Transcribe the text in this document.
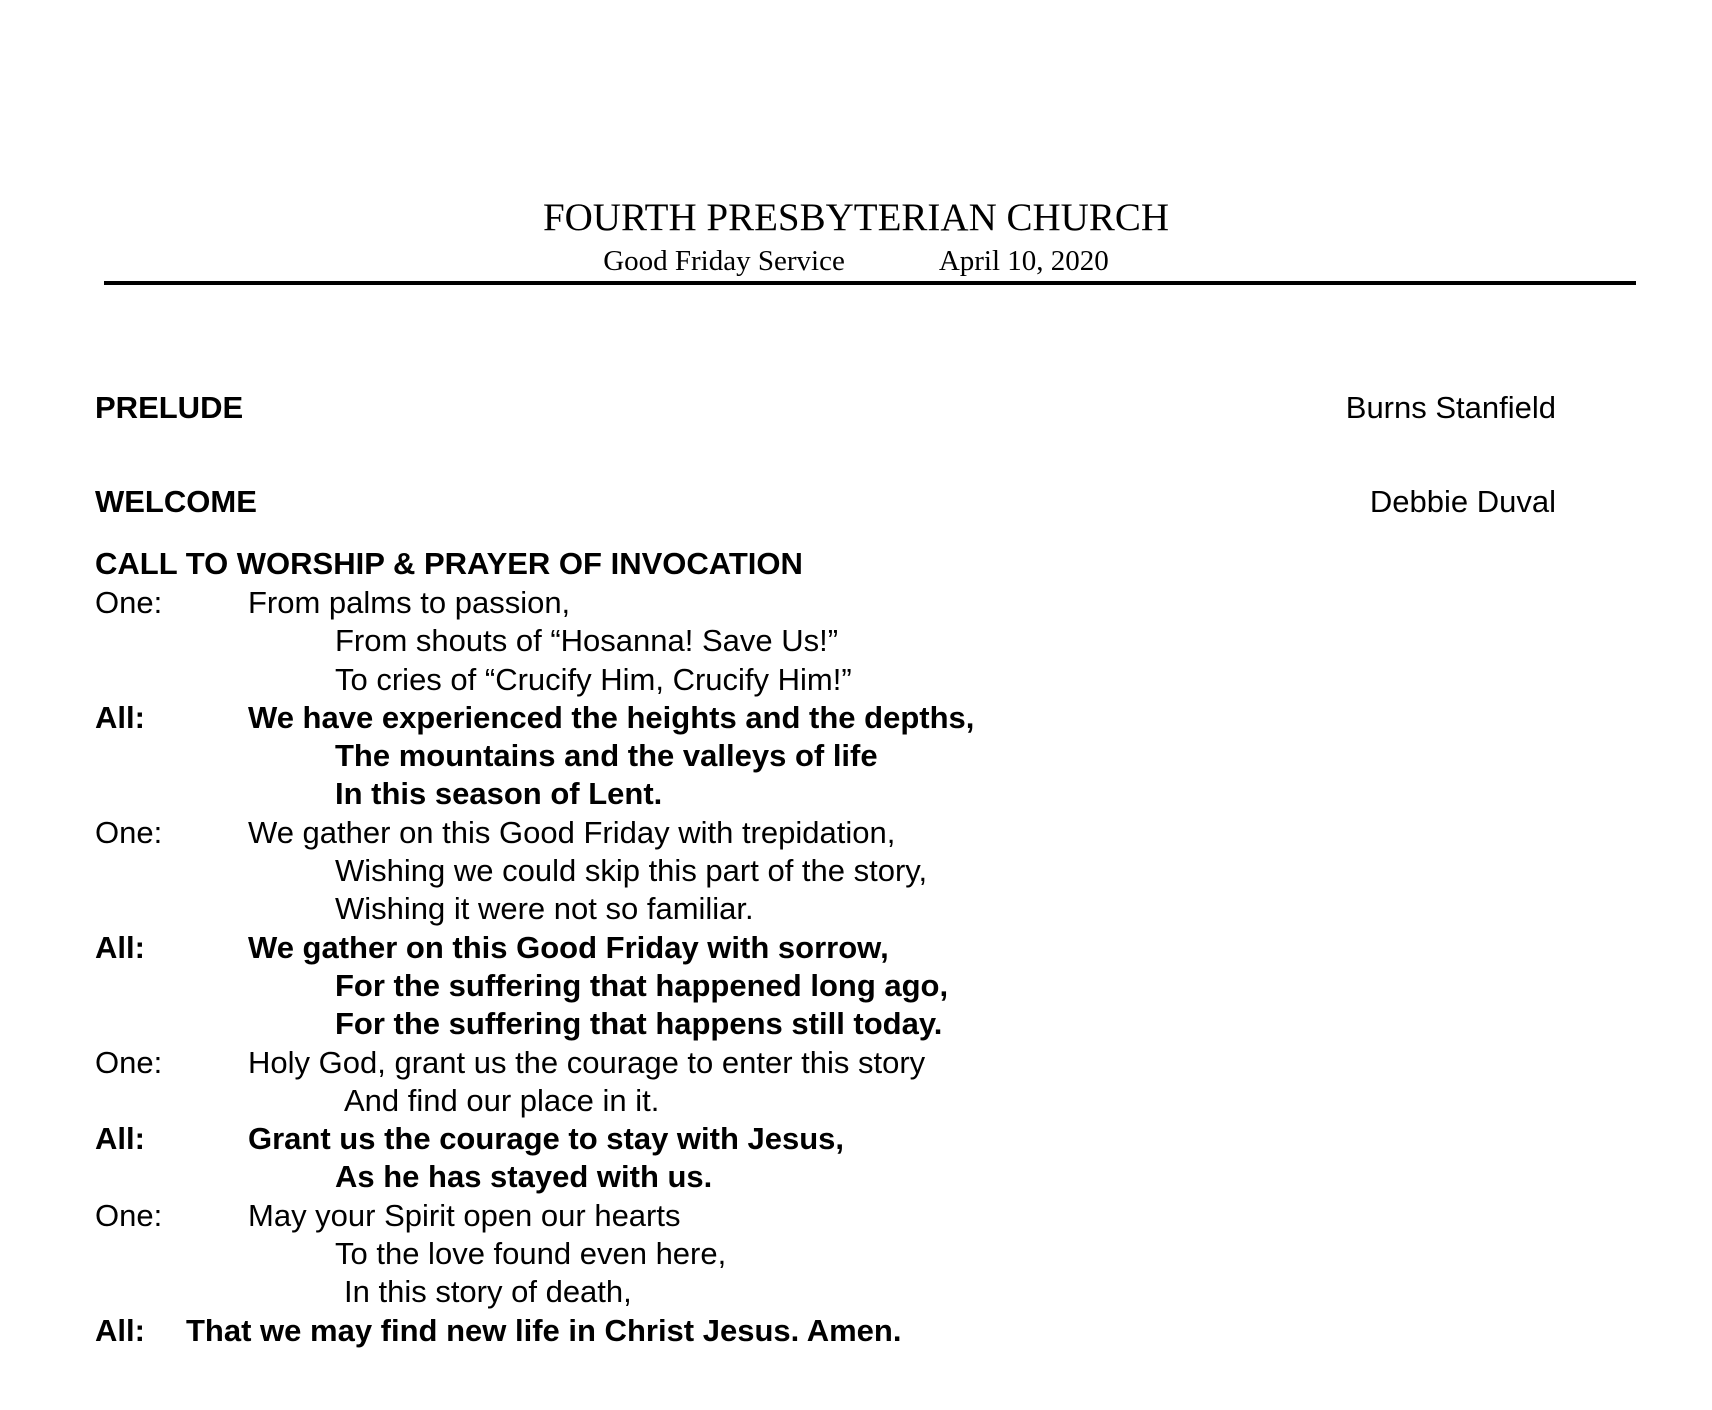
FOURTH PRESBYTERIAN CHURCH
Good Friday Service	April 10, 2020
PRELUDE	Burns Stanfield
WELCOME	Debbie Duval
CALL TO WORSHIP & PRAYER OF INVOCATION
One:	From palms to passion,
From shouts of “Hosanna! Save Us!”
To cries of “Crucify Him, Crucify Him!”
All:	We have experienced the heights and the depths,
The mountains and the valleys of life
In this season of Lent.
One:	We gather on this Good Friday with trepidation,
Wishing we could skip this part of the story,
Wishing it were not so familiar.
All:	We gather on this Good Friday with sorrow,
For the suffering that happened long ago,
For the suffering that happens still today.
One:	Holy God, grant us the courage to enter this story
And find our place in it.
All:	Grant us the courage to stay with Jesus,
As he has stayed with us.
One:	May your Spirit open our hearts
To the love found even here,
In this story of death,
All: That we may find new life in Christ Jesus. Amen.
